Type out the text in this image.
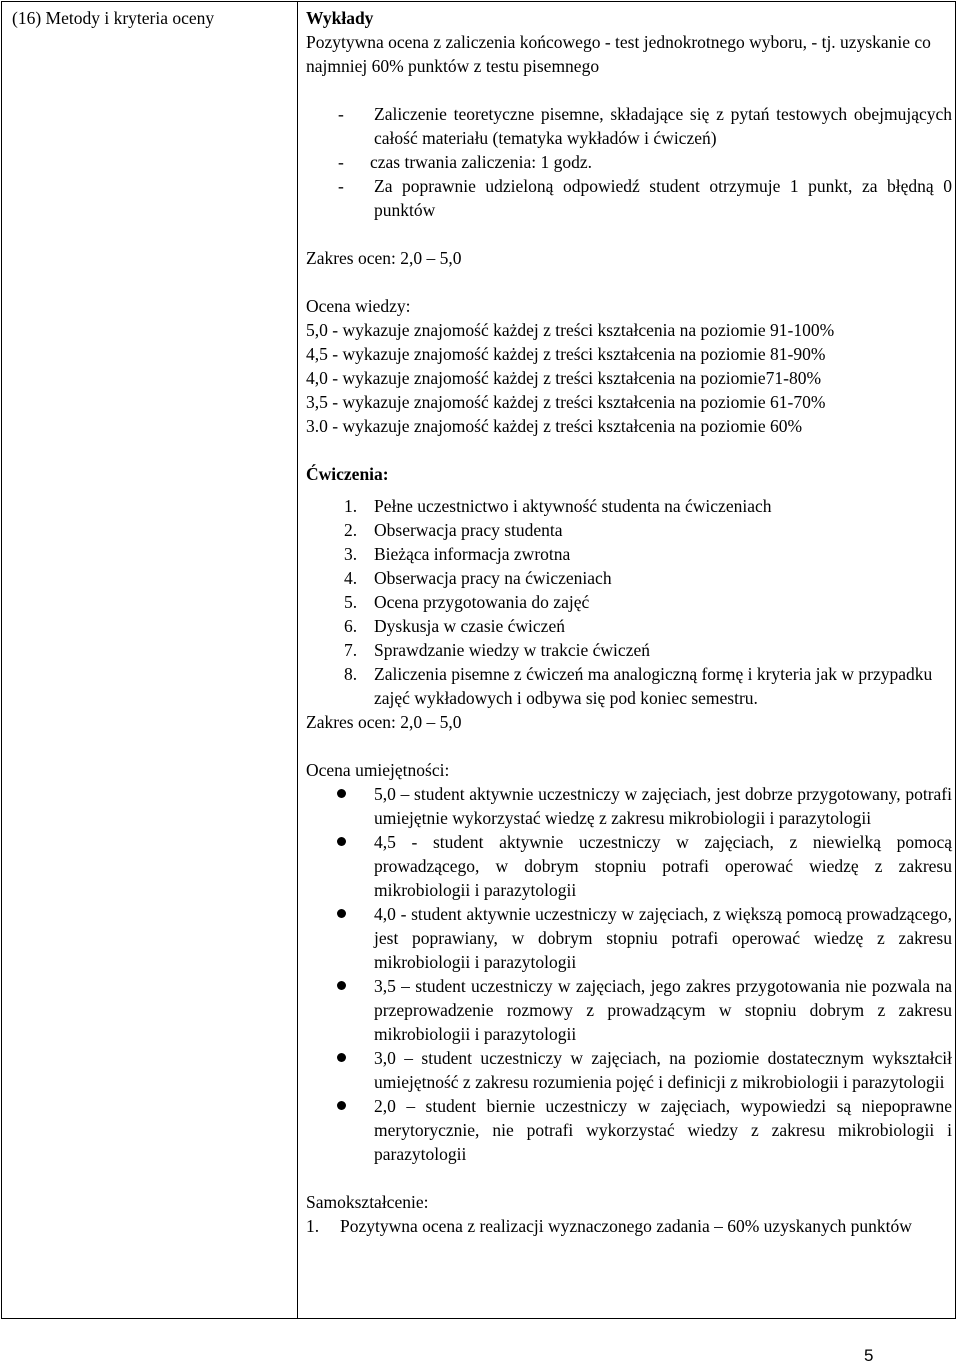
(16) Metody i kryteria oceny	Wykłady

Pozytywna ocena z zaliczenia końcowego - test jednokrotnego wyboru, - tj. uzyskanie co najmniej 60% punktów z testu pisemnego

-	Zaliczenie teoretyczne pisemne, składające się z pytań testowych obejmujących całość materiału (tematyka wykładów i ćwiczeń)
-	czas trwania zaliczenia: 1 godz.
-	Za poprawnie udzieloną odpowiedź student otrzymuje 1 punkt, za błędną 0 punktów

Zakres ocen: 2,0 – 5,0

Ocena wiedzy:

5,0 - wykazuje znajomość każdej z treści kształcenia na poziomie 91-100%

4,5 - wykazuje znajomość każdej z treści kształcenia na poziomie 81-90%

4,0 - wykazuje znajomość każdej z treści kształcenia na poziomie71-80%

3,5 - wykazuje znajomość każdej z treści kształcenia na poziomie 61-70%

3.0 - wykazuje znajomość każdej z treści kształcenia na poziomie 60%

Ćwiczenia:

1. Pełne uczestnictwo i aktywność studenta na ćwiczeniach
2. Obserwacja pracy studenta
3. Bieżąca informacja zwrotna
4. Obserwacja pracy na ćwiczeniach
5. Ocena przygotowania do zajęć
6. Dyskusja w czasie ćwiczeń
7. Sprawdzanie wiedzy w trakcie ćwiczeń
8. Zaliczenia pisemne z ćwiczeń ma analogiczną formę i kryteria jak w przypadku zajęć wykładowych i odbywa się pod koniec semestru.

Zakres ocen: 2,0 – 5,0

Ocena umiejętności:

5,0 – student aktywnie uczestniczy w zajęciach, jest dobrze przygotowany, potrafi umiejętnie wykorzystać wiedzę z zakresu mikrobiologii i parazytologii
4,5 - student aktywnie uczestniczy w zajęciach, z niewielką pomocą prowadzącego, w dobrym stopniu potrafi operować wiedzę z zakresu mikrobiologii i parazytologii
4,0 - student aktywnie uczestniczy w zajęciach, z większą pomocą prowadzącego, jest poprawiany, w dobrym stopniu potrafi operować wiedzę z zakresu mikrobiologii i parazytologii
3,5 – student uczestniczy w zajęciach, jego zakres przygotowania nie pozwala na przeprowadzenie rozmowy z prowadzącym w stopniu dobrym z zakresu mikrobiologii i parazytologii
3,0 – student uczestniczy w zajęciach, na poziomie dostatecznym wykształcił umiejętność z zakresu rozumienia pojęć i definicji z mikrobiologii i parazytologii
2,0 – student biernie uczestniczy w zajęciach, wypowiedzi są niepoprawne merytorycznie, nie potrafi wykorzystać wiedzy z zakresu mikrobiologii i parazytologii

Samokształcenie:

1.	Pozytywna ocena z realizacji wyznaczonego zadania – 60% uzyskanych punktów
5
